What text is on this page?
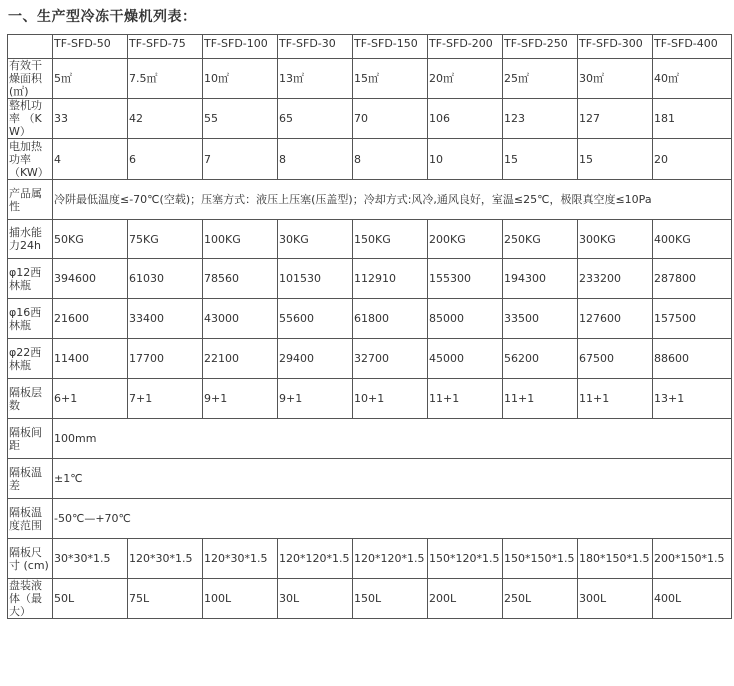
一、生产型冷冻干燥机列表：
	TF-SFD-50	TF-SFD-75	TF-SFD-100	TF-SFD-30	TF-SFD-150	TF-SFD-200	TF-SFD-250	TF-SFD-300	TF-SFD-400
有效干燥面积(㎡)	5㎡	7.5㎡	10㎡	13㎡	15㎡	20㎡	25㎡	30㎡	40㎡
整机功率 （KW）	33	42	55	65	70	106	123	127	181
电加热功率 （KW）	4	6	7	8	8	10	15	15	20
产品属性	冷阱最低温度≤-70℃(空载)；压塞方式：液压上压塞(压盖型)；冷却方式:风冷,通风良好，室温≤25℃，极限真空度≤10Pa								
捕水能力24h	50KG	75KG	100KG	30KG	150KG	200KG	250KG	300KG	400KG
φ12西林瓶	394600	61030	78560	101530	112910	155300	194300	233200	287800
φ16西林瓶	21600	33400	43000	55600	61800	85000	33500	127600	157500
φ22西林瓶	11400	17700	22100	29400	32700	45000	56200	67500	88600
隔板层数	6+1	7+1	9+1	9+1	10+1	11+1	11+1	11+1	13+1
隔板间距	100mm								
隔板温差	±1℃								
隔板温度范围	-50℃—+70℃								
隔板尺寸 (cm)	30*30*1.5	120*30*1.5	120*30*1.5	120*120*1.5	120*120*1.5	150*120*1.5	150*150*1.5	180*150*1.5	200*150*1.5
盘装液体（最大）	50L	75L	100L	30L	150L	200L	250L	300L	400L
